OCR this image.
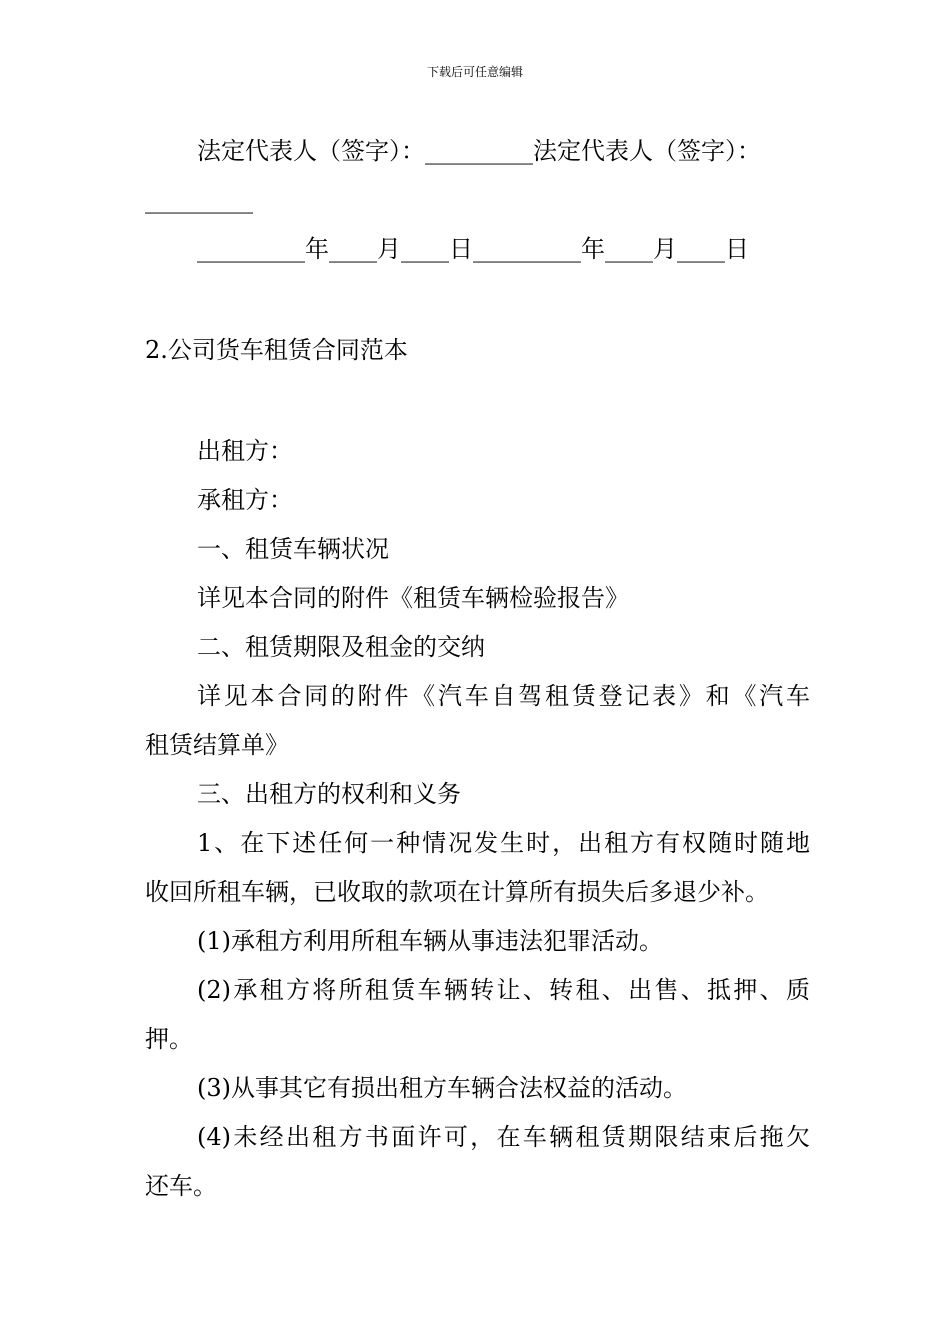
下载后可任意编辑

法定代表人（签字）：_________法定代表人（签字）：

_________

_________年____月____日_________年____月____日

2.公司货车租赁合同范本

出租方：

承租方：

一、租赁车辆状况

详见本合同的附件《租赁车辆检验报告》

二、租赁期限及租金的交纳

详见本合同的附件《汽车自驾租赁登记表》和《汽车

租赁结算单》

三、出租方的权利和义务

1、在下述任何一种情况发生时，出租方有权随时随地

收回所租车辆，已收取的款项在计算所有损失后多退少补。

(1)承租方利用所租车辆从事违法犯罪活动。

(2)承租方将所租赁车辆转让、转租、出售、抵押、质

押。

(3)从事其它有损出租方车辆合法权益的活动。

(4)未经出租方书面许可，在车辆租赁期限结束后拖欠

还车。
